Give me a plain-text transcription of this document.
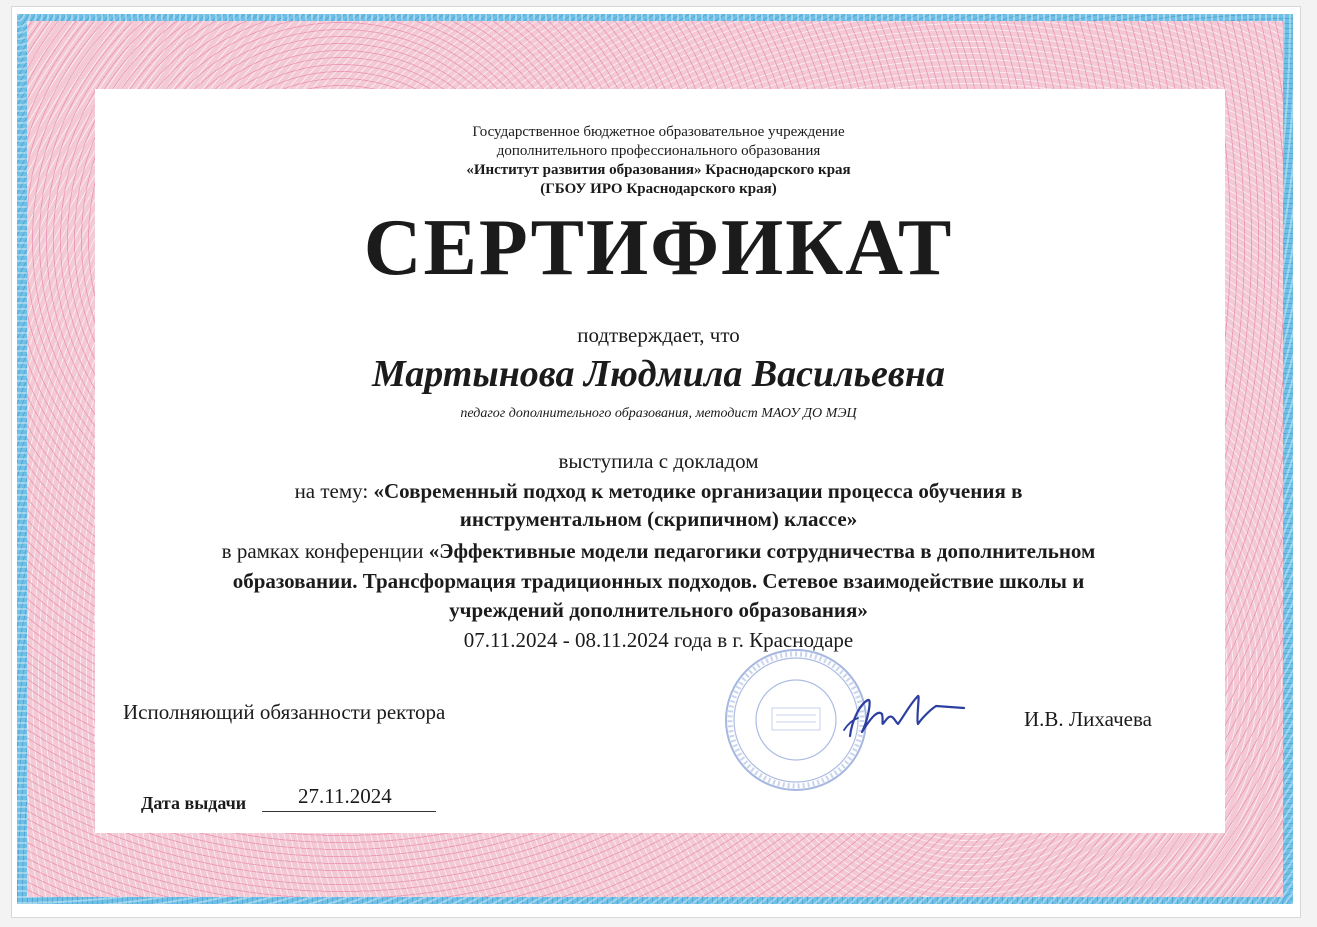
Государственное бюджетное образовательное учреждение
дополнительного профессионального образования
«Институт развития образования» Краснодарского края
(ГБОУ ИРО Краснодарского края)
СЕРТИФИКАТ
подтверждает, что
Мартынова Людмила Васильевна
педагог дополнительного образования, методист МАОУ ДО МЭЦ
выступила с докладом
на тему: «Современный подход к методике организации процесса обучения в
инструментальном (скрипичном) классе»
в рамках конференции «Эффективные модели педагогики сотрудничества в дополнительном
образовании. Трансформация традиционных подходов. Сетевое взаимодействие школы и
учреждений дополнительного образования»
07.11.2024 - 08.11.2024 года в г. Краснодаре
Исполняющий обязанности ректора	И.В. Лихачева
Дата выдачи 27.11.2024
